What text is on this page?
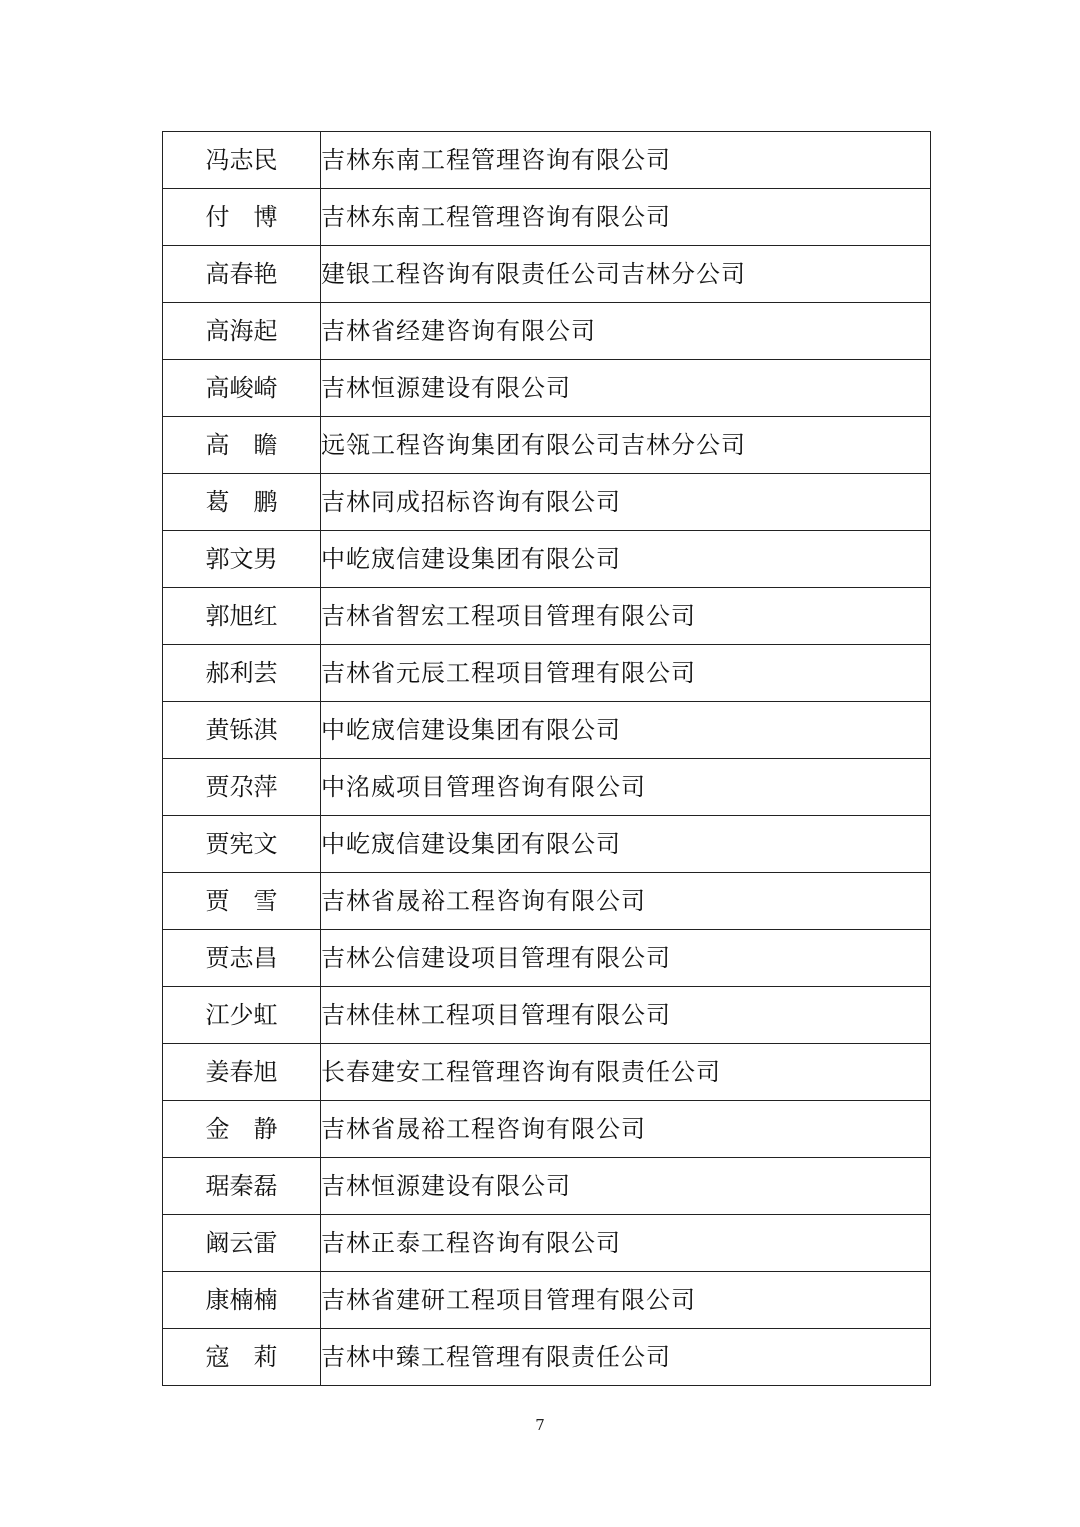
冯志民	吉林东南工程管理咨询有限公司
付　博	吉林东南工程管理咨询有限公司
高春艳	建银工程咨询有限责任公司吉林分公司
高海起	吉林省经建咨询有限公司
高峻崎	吉林恒源建设有限公司
高　瞻	远瓴工程咨询集团有限公司吉林分公司
葛　鹏	吉林同成招标咨询有限公司
郭文男	中屹宬信建设集团有限公司
郭旭红	吉林省智宏工程项目管理有限公司
郝利芸	吉林省元辰工程项目管理有限公司
黄铄淇	中屹宬信建设集团有限公司
贾尕萍	中洺威项目管理咨询有限公司
贾宪文	中屹宬信建设集团有限公司
贾　雪	吉林省晟裕工程咨询有限公司
贾志昌	吉林公信建设项目管理有限公司
江少虹	吉林佳林工程项目管理有限公司
姜春旭	长春建安工程管理咨询有限责任公司
金　静	吉林省晟裕工程咨询有限公司
琚秦磊	吉林恒源建设有限公司
阚云雷	吉林正泰工程咨询有限公司
康楠楠	吉林省建研工程项目管理有限公司
寇　莉	吉林中臻工程管理有限责任公司
7
